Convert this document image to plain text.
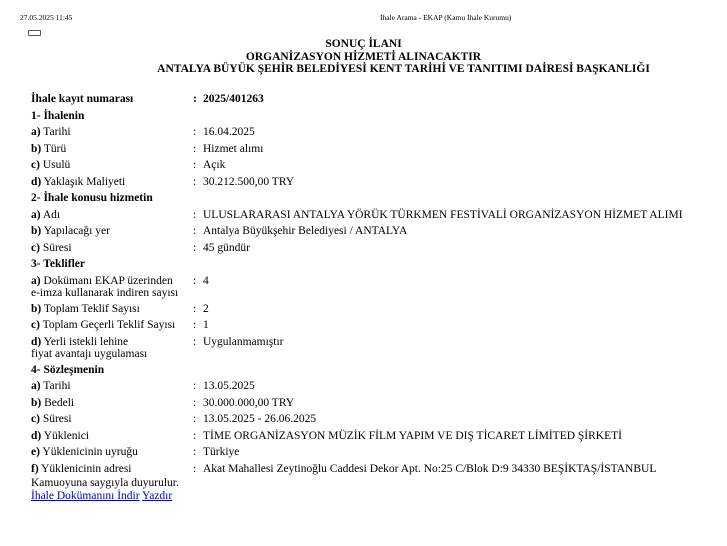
27.05.2025 11:45	İhale Arama - EKAP (Kamu İhale Kurumu)
SONUÇ İLANI
ORGANİZASYON HİZMETİ ALINACAKTIR
ANTALYA BÜYÜK ŞEHİR BELEDİYESİ KENT TARİHİ VE TANITIMI DAİRESİ BAŞKANLIĞI
İhale kayıt numarası	: 2025/401263
1- İhalenin
a) Tarihi	: 16.04.2025
b) Türü	: Hizmet alımı
c) Usulü	: Açık
d) Yaklaşık Maliyeti	: 30.212.500,00 TRY
2- İhale konusu hizmetin
a) Adı	: ULUSLARARASI ANTALYA YÖRÜK TÜRKMEN FESTİVALİ ORGANİZASYON HİZMET ALIMI
b) Yapılacağı yer	: Antalya Büyükşehir Belediyesi / ANTALYA
c) Süresi	: 45 gündür
3- Teklifler
a) Dokümanı EKAP üzerinden
e-imza kullanarak indiren sayısı
: 4
b) Toplam Teklif Sayısı	: 2
c) Toplam Geçerli Teklif Sayısı	: 1
d) Yerli istekli lehine
fiyat avantajı uygulaması
: Uygulanmamıştır
4- Sözleşmenin
a) Tarihi	: 13.05.2025
b) Bedeli	: 30.000.000,00 TRY
c) Süresi	: 13.05.2025 - 26.06.2025
d) Yüklenici	: TİME ORGANİZASYON MÜZİK FİLM YAPIM VE DIŞ TİCARET LİMİTED ŞİRKETİ
e) Yüklenicinin uyruğu	: Türkiye
f) Yüklenicinin adresi	: Akat Mahallesi Zeytinoğlu Caddesi Dekor Apt. No:25 C/Blok D:9 34330 BEŞİKTAŞ/İSTANBUL
Kamuoyuna saygıyla duyurulur.
İhale Dokümanını İndir Yazdır
